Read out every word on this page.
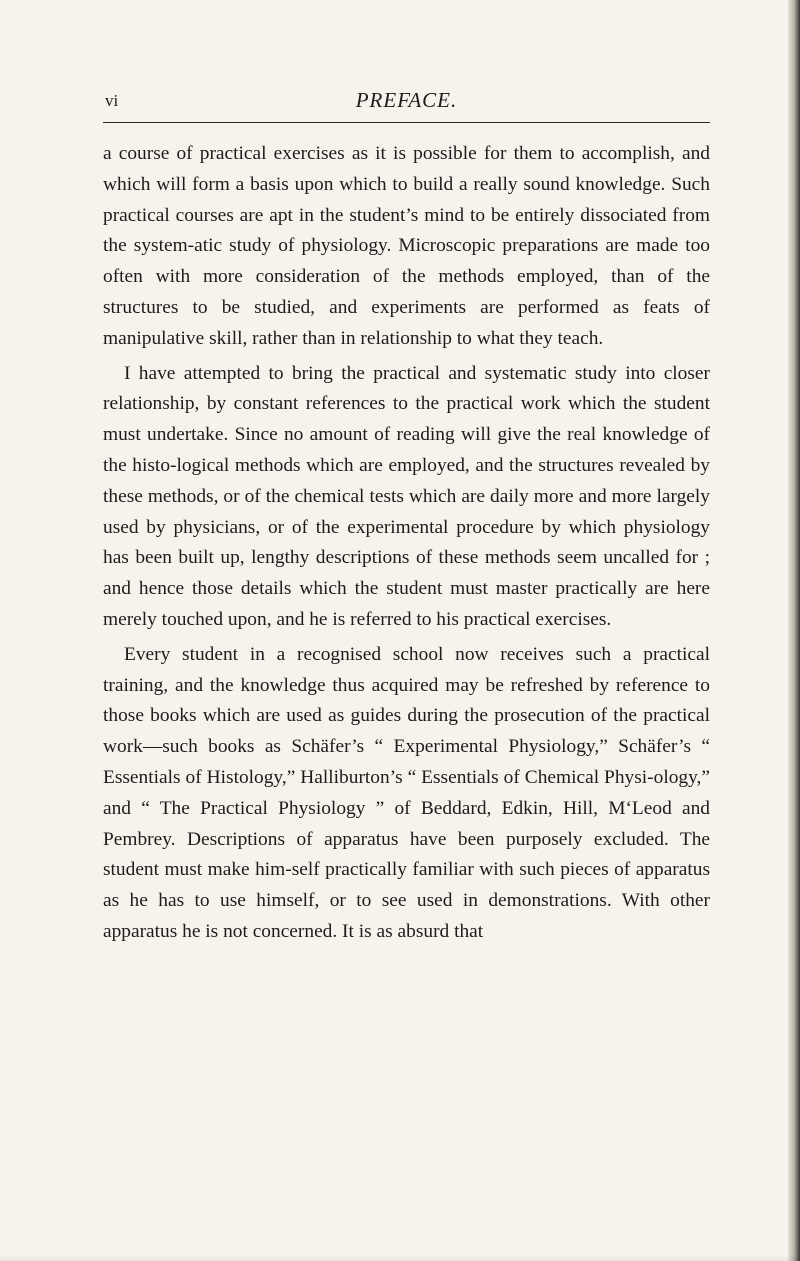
vi	PREFACE.

a course of practical exercises as it is possible for them to accomplish, and which will form a basis upon which to build a really sound knowledge. Such practical courses are apt in the student’s mind to be entirely dissociated from the system-atic study of physiology. Microscopic preparations are made too often with more consideration of the methods employed, than of the structures to be studied, and experiments are performed as feats of manipulative skill, rather than in relationship to what they teach.

I have attempted to bring the practical and systematic study into closer relationship, by constant references to the practical work which the student must undertake. Since no amount of reading will give the real knowledge of the histo-logical methods which are employed, and the structures revealed by these methods, or of the chemical tests which are daily more and more largely used by physicians, or of the experimental procedure by which physiology has been built up, lengthy descriptions of these methods seem uncalled for ; and hence those details which the student must master practically are here merely touched upon, and he is referred to his practical exercises.

Every student in a recognised school now receives such a practical training, and the knowledge thus acquired may be refreshed by reference to those books which are used as guides during the prosecution of the practical work—such books as Schäfer’s “ Experimental Physiology,” Schäfer’s “ Essentials of Histology,” Halliburton’s “ Essentials of Chemical Physi-ology,” and “ The Practical Physiology ” of Beddard, Edkin, Hill, M‘Leod and Pembrey. Descriptions of apparatus have been purposely excluded. The student must make him-self practically familiar with such pieces of apparatus as he has to use himself, or to see used in demonstrations. With other apparatus he is not concerned. It is as absurd that
